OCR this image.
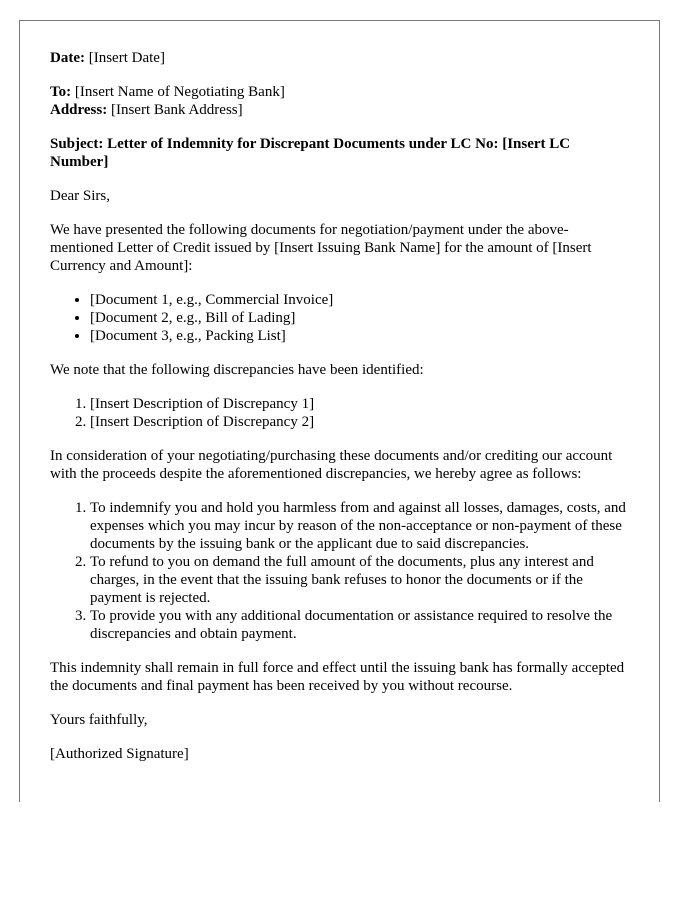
Date: [Insert Date]

To: [Insert Name of Negotiating Bank]

Address: [Insert Bank Address]

Subject: Letter of Indemnity for Discrepant Documents under LC No: [Insert LC Number]

Dear Sirs,

We have presented the following documents for negotiation/payment under the above-mentioned Letter of Credit issued by [Insert Issuing Bank Name] for the amount of [Insert Currency and Amount]:

• [Document 1, e.g., Commercial Invoice]
• [Document 2, e.g., Bill of Lading]
• [Document 3, e.g., Packing List]

We note that the following discrepancies have been identified:

1. [Insert Description of Discrepancy 1]
2. [Insert Description of Discrepancy 2]

In consideration of your negotiating/purchasing these documents and/or crediting our account with the proceeds despite the aforementioned discrepancies, we hereby agree as follows:

1. To indemnify you and hold you harmless from and against all losses, damages, costs, and expenses which you may incur by reason of the non-acceptance or non-payment of these documents by the issuing bank or the applicant due to said discrepancies.
2. To refund to you on demand the full amount of the documents, plus any interest and charges, in the event that the issuing bank refuses to honor the documents or if the payment is rejected.
3. To provide you with any additional documentation or assistance required to resolve the discrepancies and obtain payment.

This indemnity shall remain in full force and effect until the issuing bank has formally accepted the documents and final payment has been received by you without recourse.

Yours faithfully,

[Authorized Signature]
